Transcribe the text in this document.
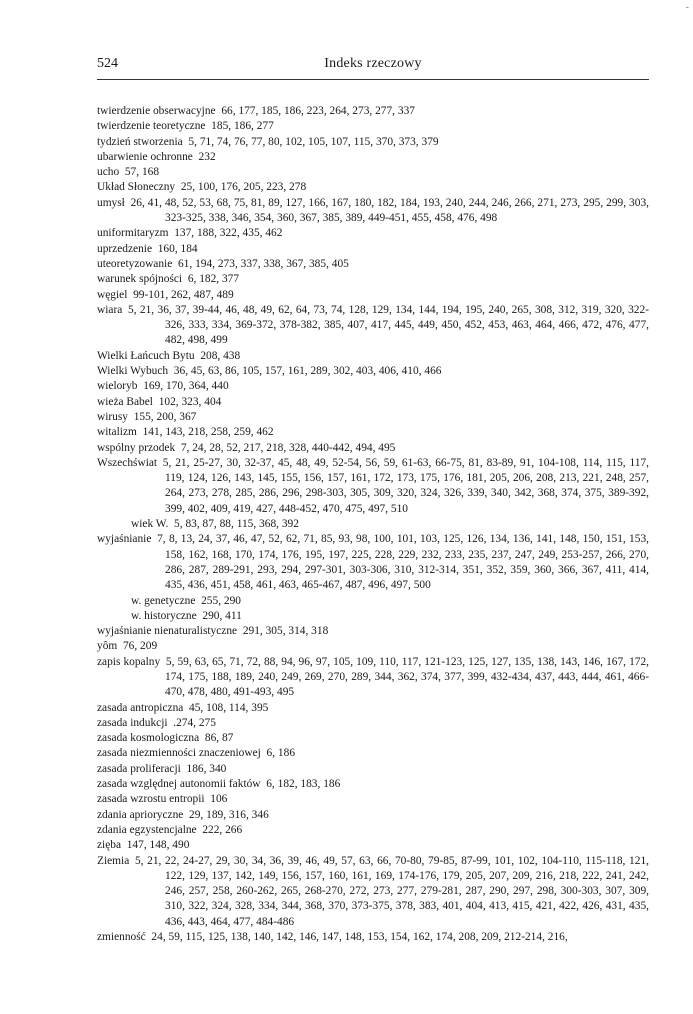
524	Indeks rzeczowy
-
twierdzenie obserwacyjne  66, 177, 185, 186, 223, 264, 273, 277, 337
twierdzenie teoretyczne  185, 186, 277
tydzień stworzenia  5, 71, 74, 76, 77, 80, 102, 105, 107, 115, 370, 373, 379
ubarwienie ochronne  232
ucho  57, 168
Układ Słoneczny  25, 100, 176, 205, 223, 278
umysł  26, 41, 48, 52, 53, 68, 75, 81, 89, 127, 166, 167, 180, 182, 184, 193, 240, 244, 246, 266, 271, 273, 295, 299, 303, 323-325, 338, 346, 354, 360, 367, 385, 389, 449-451, 455, 458, 476, 498
uniformitaryzm  137, 188, 322, 435, 462
uprzedzenie  160, 184
uteoretyzowanie  61, 194, 273, 337, 338, 367, 385, 405
warunek spójności  6, 182, 377
węgiel  99-101, 262, 487, 489
wiara  5, 21, 36, 37, 39-44, 46, 48, 49, 62, 64, 73, 74, 128, 129, 134, 144, 194, 195, 240, 265, 308, 312, 319, 320, 322-326, 333, 334, 369-372, 378-382, 385, 407, 417, 445, 449, 450, 452, 453, 463, 464, 466, 472, 476, 477, 482, 498, 499
Wielki Łańcuch Bytu  208, 438
Wielki Wybuch  36, 45, 63, 86, 105, 157, 161, 289, 302, 403, 406, 410, 466
wieloryb  169, 170, 364, 440
wieża Babel  102, 323, 404
wirusy  155, 200, 367
witalizm  141, 143, 218, 258, 259, 462
wspólny przodek  7, 24, 28, 52, 217, 218, 328, 440-442, 494, 495
Wszechświat  5, 21, 25-27, 30, 32-37, 45, 48, 49, 52-54, 56, 59, 61-63, 66-75, 81, 83-89, 91, 104-108, 114, 115, 117, 119, 124, 126, 143, 145, 155, 156, 157, 161, 172, 173, 175, 176, 181, 205, 206, 208, 213, 221, 248, 257, 264, 273, 278, 285, 286, 296, 298-303, 305, 309, 320, 324, 326, 339, 340, 342, 368, 374, 375, 389-392, 399, 402, 409, 419, 427, 448-452, 470, 475, 497, 510
wiek W.  5, 83, 87, 88, 115, 368, 392
wyjaśnianie  7, 8, 13, 24, 37, 46, 47, 52, 62, 71, 85, 93, 98, 100, 101, 103, 125, 126, 134, 136, 141, 148, 150, 151, 153, 158, 162, 168, 170, 174, 176, 195, 197, 225, 228, 229, 232, 233, 235, 237, 247, 249, 253-257, 266, 270, 286, 287, 289-291, 293, 294, 297-301, 303-306, 310, 312-314, 351, 352, 359, 360, 366, 367, 411, 414, 435, 436, 451, 458, 461, 463, 465-467, 487, 496, 497, 500
w. genetyczne  255, 290
w. historyczne  290, 411
wyjaśnianie nienaturalistyczne  291, 305, 314, 318
yôm  76, 209
zapis kopalny  5, 59, 63, 65, 71, 72, 88, 94, 96, 97, 105, 109, 110, 117, 121-123, 125, 127, 135, 138, 143, 146, 167, 172, 174, 175, 188, 189, 240, 249, 269, 270, 289, 344, 362, 374, 377, 399, 432-434, 437, 443, 444, 461, 466-470, 478, 480, 491-493, 495
zasada antropiczna  45, 108, 114, 395
zasada indukcji  .274, 275
zasada kosmologiczna  86, 87
zasada niezmienności znaczeniowej  6, 186
zasada proliferacji  186, 340
zasada względnej autonomii faktów  6, 182, 183, 186
zasada wzrostu entropii  106
zdania aprioryczne  29, 189, 316, 346
zdania egzystencjalne  222, 266
zięba  147, 148, 490
Ziemia  5, 21, 22, 24-27, 29, 30, 34, 36, 39, 46, 49, 57, 63, 66, 70-80, 79-85, 87-99, 101, 102, 104-110, 115-118, 121, 122, 129, 137, 142, 149, 156, 157, 160, 161, 169, 174-176, 179, 205, 207, 209, 216, 218, 222, 241, 242, 246, 257, 258, 260-262, 265, 268-270, 272, 273, 277, 279-281, 287, 290, 297, 298, 300-303, 307, 309, 310, 322, 324, 328, 334, 344, 368, 370, 373-375, 378, 383, 401, 404, 413, 415, 421, 422, 426, 431, 435, 436, 443, 464, 477, 484-486
zmienność  24, 59, 115, 125, 138, 140, 142, 146, 147, 148, 153, 154, 162, 174, 208, 209, 212-214, 216,
